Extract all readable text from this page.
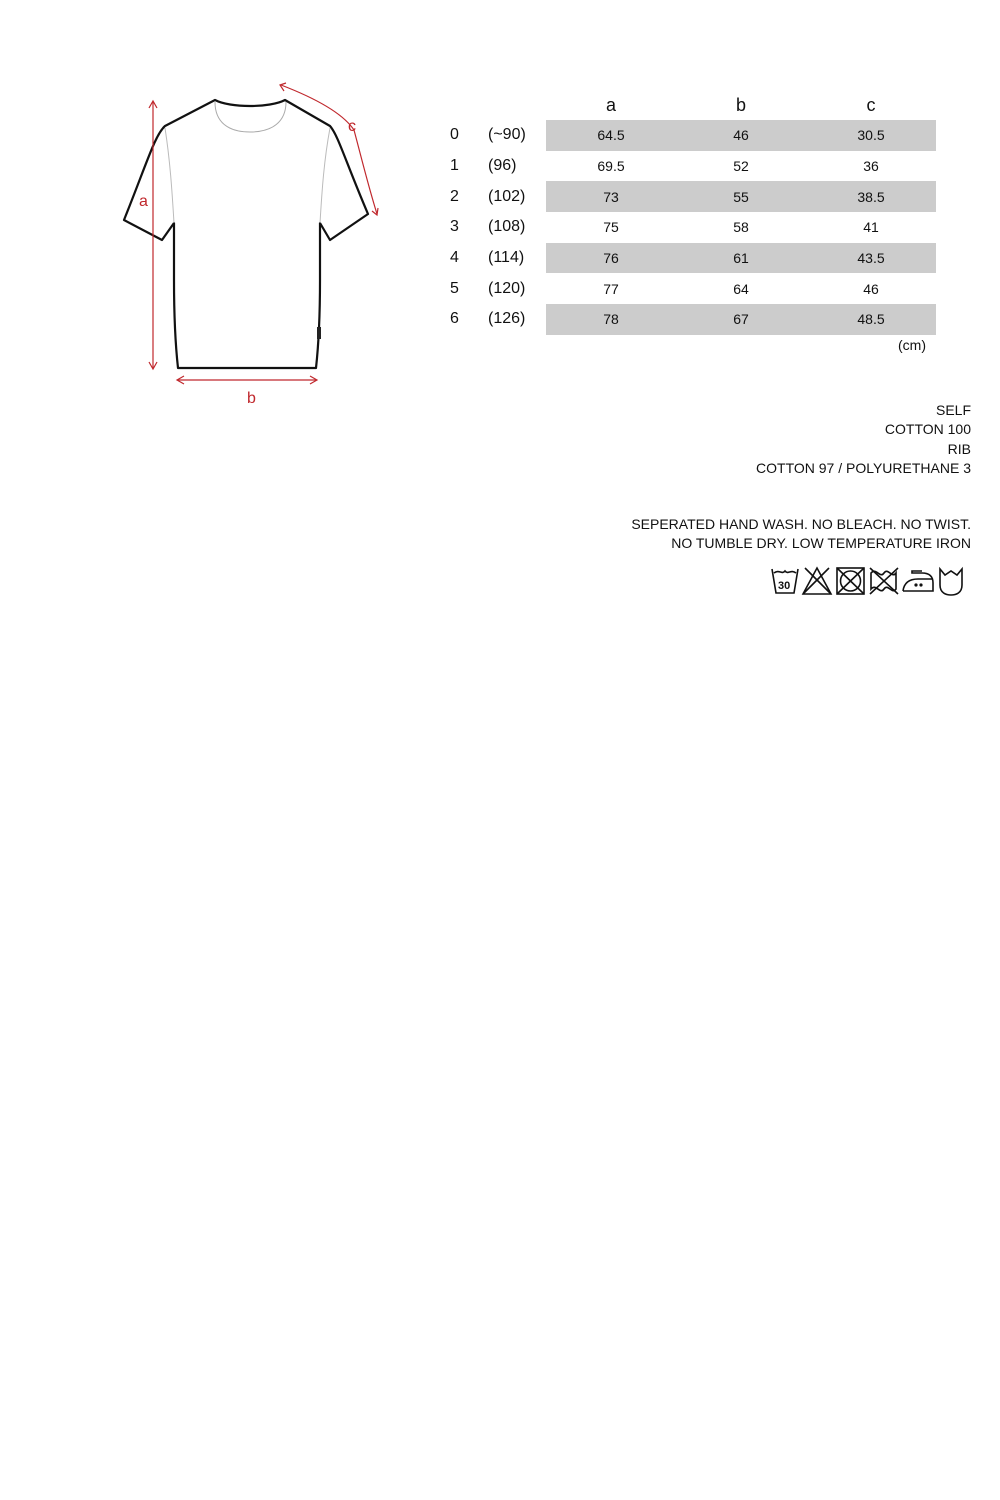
a
b
c
		a	b	c
0	(~90)	64.5	46	30.5
1	(96)	69.5	52	36
2	(102)	73	55	38.5
3	(108)	75	58	41
4	(114)	76	61	43.5
5	(120)	77	64	46
6	(126)	78	67	48.5
(cm)
SELF
COTTON 100
RIB
COTTON 97 / POLYURETHANE 3
SEPERATED HAND WASH. NO BLEACH. NO TWIST.
NO TUMBLE DRY. LOW TEMPERATURE IRON
30
